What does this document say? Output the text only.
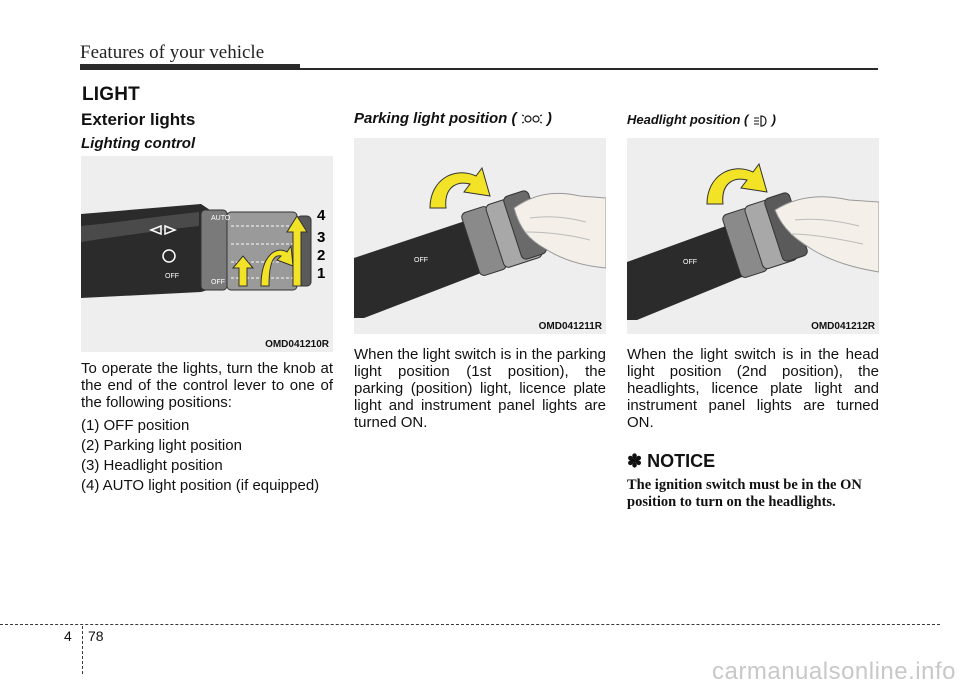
Features of your vehicle
LIGHT

Exterior lights

Lighting control

AUTO
OFF
OFF
4
3
2
1
OMD041210R

To operate the lights, turn the knob at the end of the control lever to one of the following positions:

(1) OFF position

(2) Parking light position

(3) Headlight position

(4) AUTO light position (if equipped)

Parking light position ( )

OFF
OMD041211R

When the light switch is in the parking light position (1st position), the parking (position) light, licence plate light and instrument panel lights are turned ON.

Headlight position ( )

OFF
OMD041212R

When the light switch is in the head light position (2nd position), the headlights, licence plate light and instrument panel lights are turned ON.

✽ NOTICE

The ignition switch must be in the ON position to turn on the headlights.

4 78
carmanualsonline.info
